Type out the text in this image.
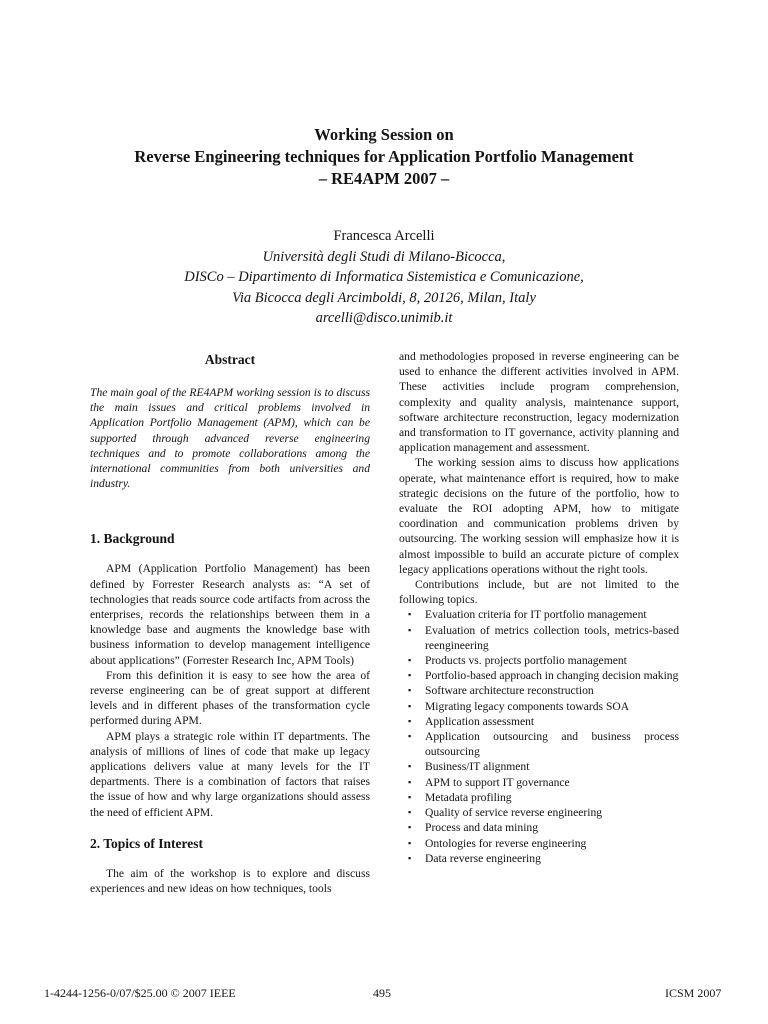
Working Session on
Reverse Engineering techniques for Application Portfolio Management
– RE4APM 2007 –
Francesca Arcelli
Università degli Studi di Milano-Bicocca,
DISCo – Dipartimento di Informatica Sistemistica e Comunicazione,
Via Bicocca degli Arcimboldi, 8, 20126, Milan, Italy
arcelli@disco.unimib.it
Abstract

The main goal of the RE4APM working session is to discuss the main issues and critical problems involved in Application Portfolio Management (APM), which can be supported through advanced reverse engineering techniques and to promote collaborations among the international communities from both universities and industry.

1. Background

APM (Application Portfolio Management) has been defined by Forrester Research analysts as: “A set of technologies that reads source code artifacts from across the enterprises, records the relationships between them in a knowledge base and augments the knowledge base with business information to develop management intelligence about applications” (Forrester Research Inc, APM Tools)

From this definition it is easy to see how the area of reverse engineering can be of great support at different levels and in different phases of the transformation cycle performed during APM.

APM plays a strategic role within IT departments. The analysis of millions of lines of code that make up legacy applications delivers value at many levels for the IT departments. There is a combination of factors that raises the issue of how and why large organizations should assess the need of efficient APM.

2. Topics of Interest

The aim of the workshop is to explore and discuss experiences and new ideas on how techniques, tools

and methodologies proposed in reverse engineering can be used to enhance the different activities involved in APM. These activities include program comprehension, complexity and quality analysis, maintenance support, software architecture reconstruction, legacy modernization and transformation to IT governance, activity planning and application management and assessment.

The working session aims to discuss how applications operate, what maintenance effort is required, how to make strategic decisions on the future of the portfolio, how to evaluate the ROI adopting APM, how to mitigate coordination and communication problems driven by outsourcing. The working session will emphasize how it is almost impossible to build an accurate picture of complex legacy applications operations without the right tools.

Contributions include, but are not limited to the following topics.

▪ Evaluation criteria for IT portfolio management
▪ Evaluation of metrics collection tools, metrics-based reengineering
▪ Products vs. projects portfolio management
▪ Portfolio-based approach in changing decision making
▪ Software architecture reconstruction
▪ Migrating legacy components towards SOA
▪ Application assessment
▪ Application outsourcing and business process outsourcing
▪ Business/IT alignment
▪ APM to support IT governance
▪ Metadata profiling
▪ Quality of service reverse engineering
▪ Process and data mining
▪ Ontologies for reverse engineering
▪ Data reverse engineering
1-4244-1256-0/07/$25.00 © 2007 IEEE	495	ICSM 2007
